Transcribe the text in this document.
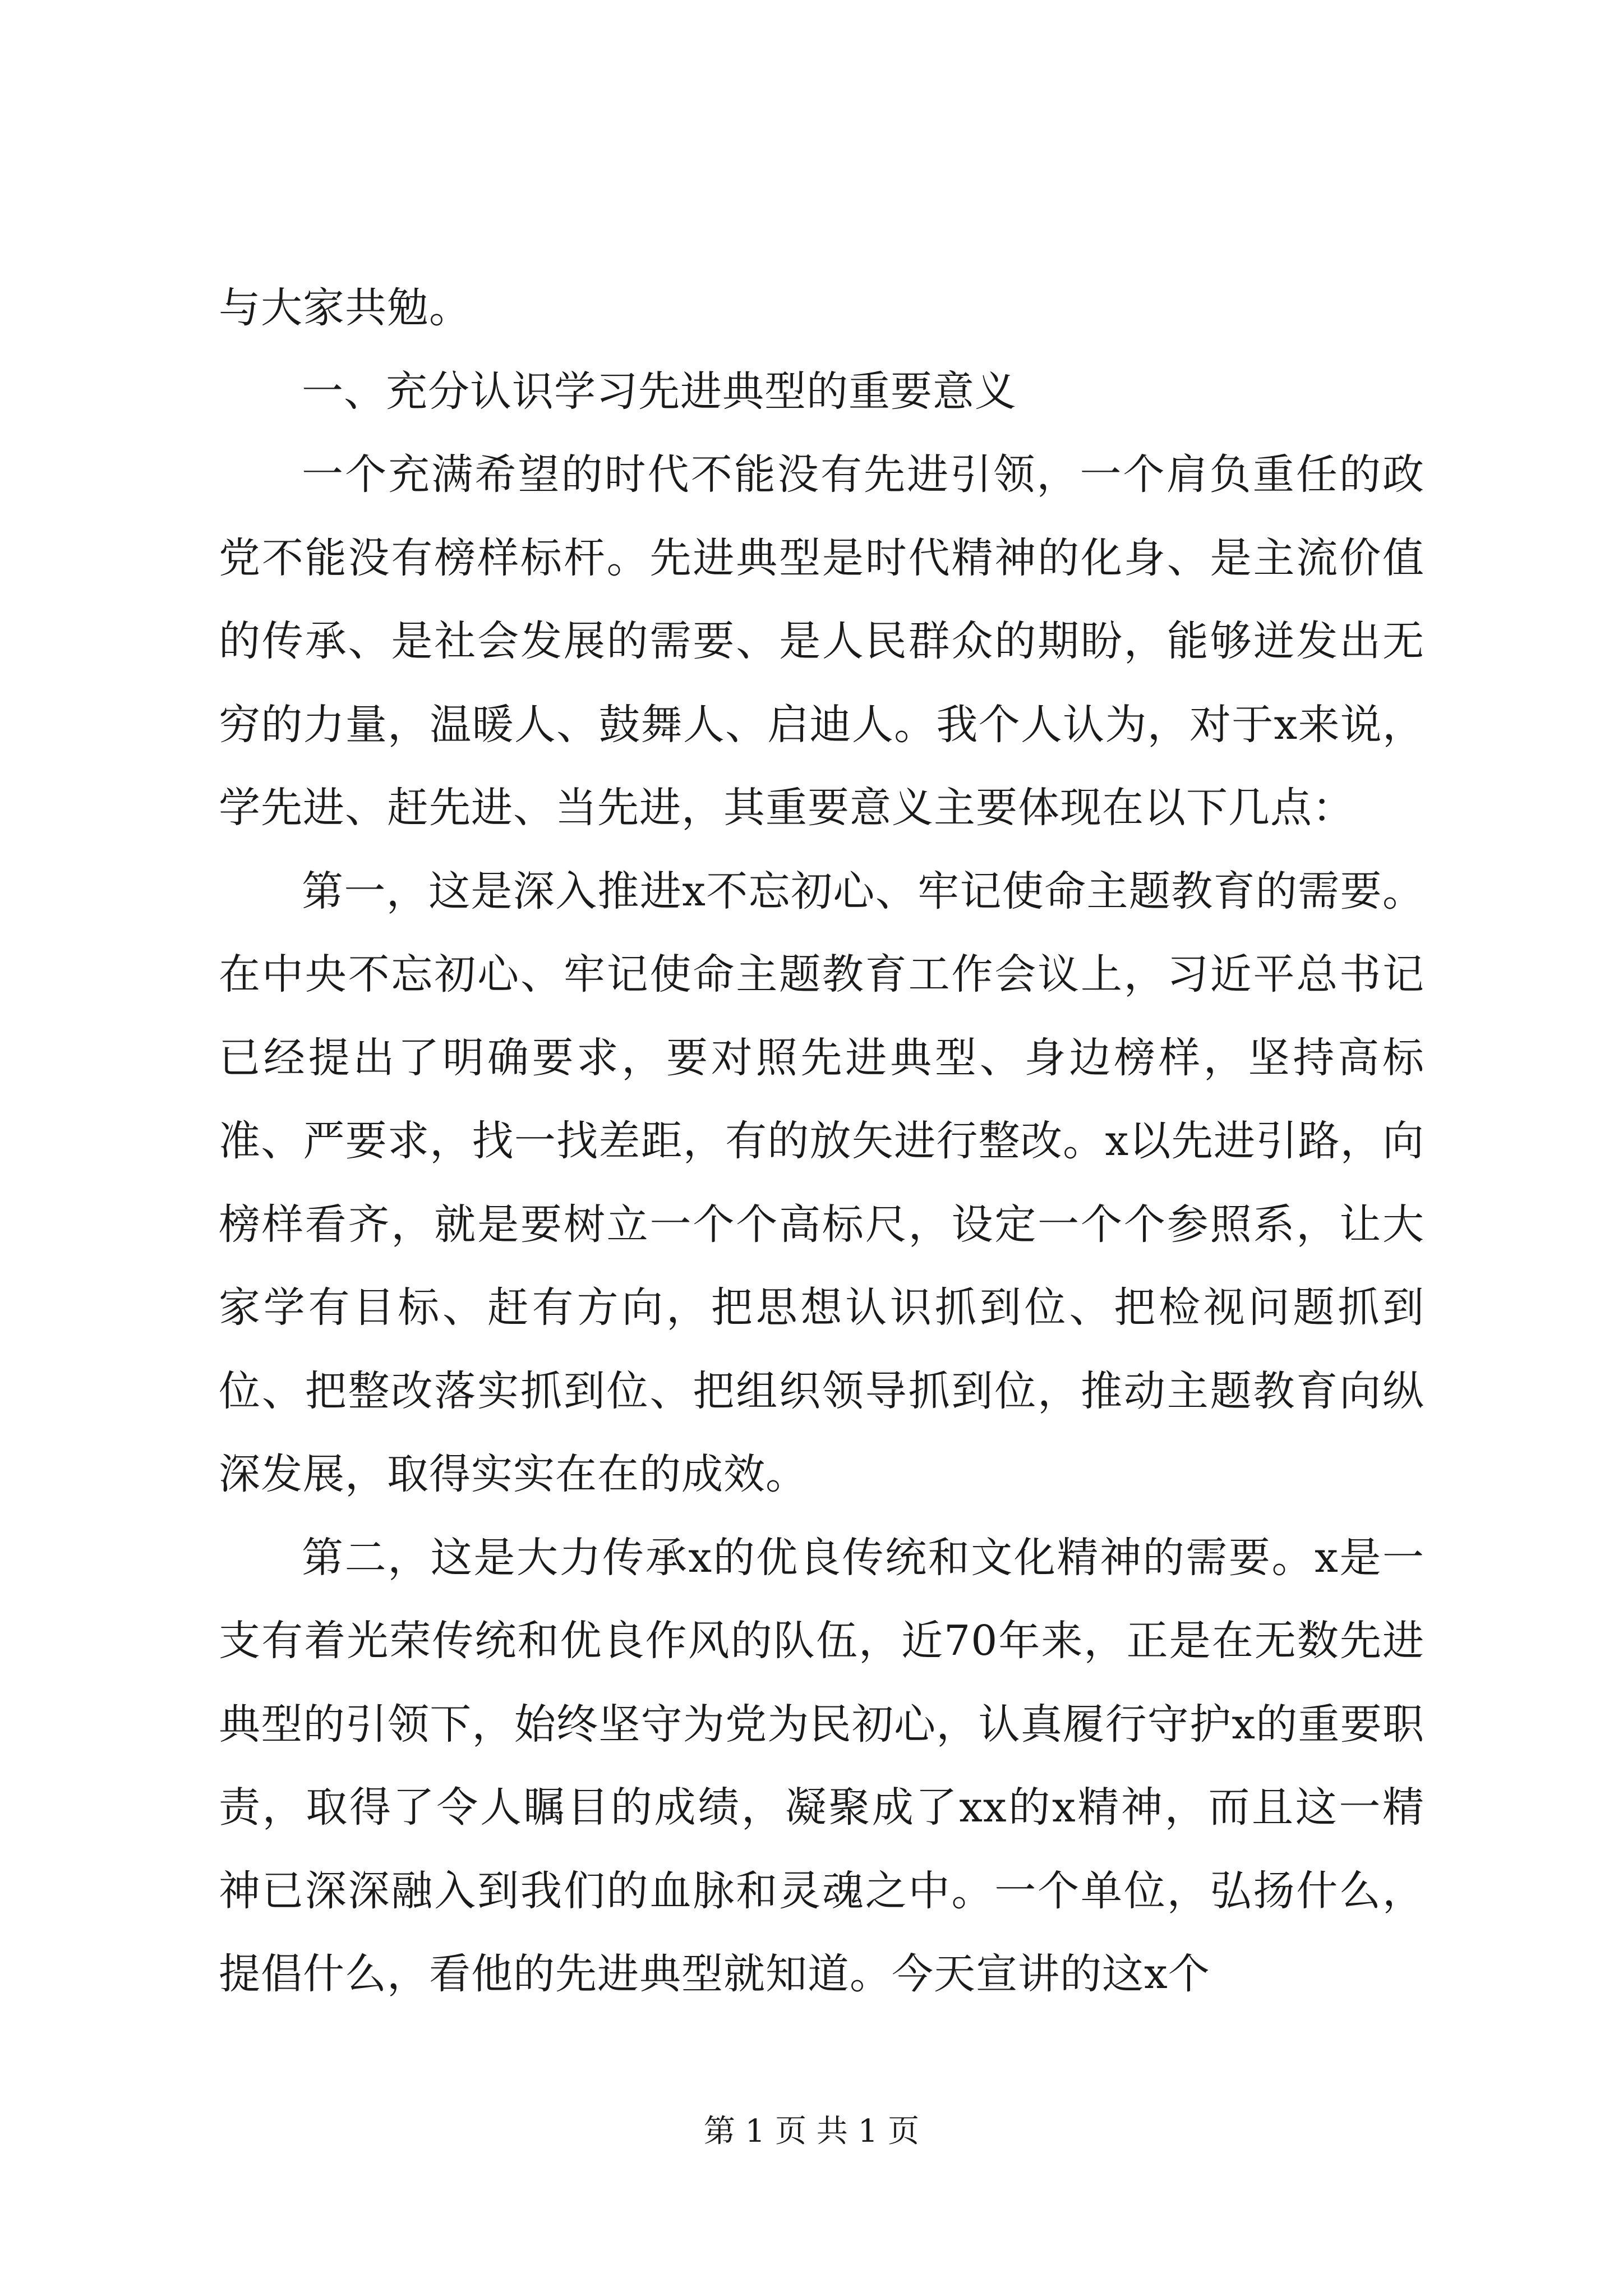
与大家共勉。

一、充分认识学习先进典型的重要意义

一个充满希望的时代不能没有先进引领，一个肩负重任的政党不能没有榜样标杆。先进典型是时代精神的化身、是主流价值的传承、是社会发展的需要、是人民群众的期盼，能够迸发出无穷的力量，温暖人、鼓舞人、启迪人。我个人认为，对于x来说，学先进、赶先进、当先进，其重要意义主要体现在以下几点：

第一，这是深入推进x不忘初心、牢记使命主题教育的需要。在中央不忘初心、牢记使命主题教育工作会议上，习近平总书记已经提出了明确要求，要对照先进典型、身边榜样，坚持高标准、严要求，找一找差距，有的放矢进行整改。x以先进引路，向榜样看齐，就是要树立一个个高标尺，设定一个个参照系，让大家学有目标、赶有方向，把思想认识抓到位、把检视问题抓到位、把整改落实抓到位、把组织领导抓到位，推动主题教育向纵深发展，取得实实在在的成效。

第二，这是大力传承x的优良传统和文化精神的需要。x是一支有着光荣传统和优良作风的队伍，近70年来，正是在无数先进典型的引领下，始终坚守为党为民初心，认真履行守护x的重要职责，取得了令人瞩目的成绩，凝聚成了xx的x精神，而且这一精神已深深融入到我们的血脉和灵魂之中。一个单位，弘扬什么，提倡什么，看他的先进典型就知道。今天宣讲的这x个

第 1 页 共 1 页
